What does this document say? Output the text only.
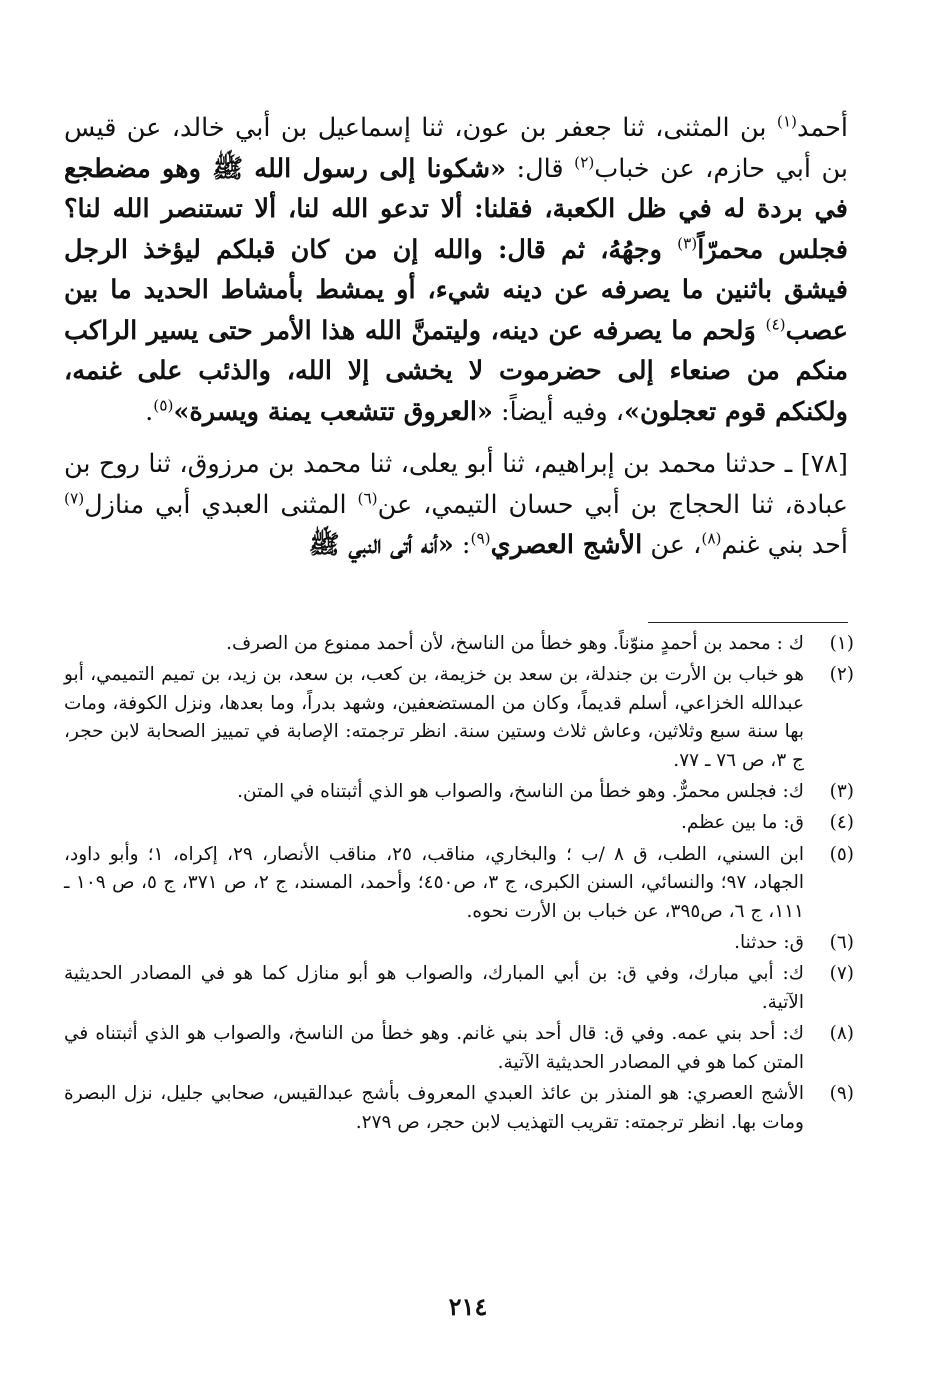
أحمد$^{(١)}$ بن المثنى، ثنا جعفر بن عون، ثنا إسماعيل بن أبي خالد، عن قيس بن أبي حازم، عن خباب$^{(٢)}$ قال: «شكونا إلى رسول الله ﷺ وهو مضطجع في بردة له في ظل الكعبة، فقلنا: ألا تدعو الله لنا، ألا تستنصر الله لنا؟ فجلس محمرّاً$^{(٣)}$ وجهُهُ، ثم قال: والله إن من كان قبلكم ليؤخذ الرجل فيشق باثنين ما يصرفه عن دينه شيء، أو يمشط بأمشاط الحديد ما بين عصب$^{(٤)}$ وَلحم ما يصرفه عن دينه، وليتمنَّ الله هذا الأمر حتى يسير الراكب منكم من صنعاء إلى حضرموت لا يخشى إلا الله، والذئب على غنمه، ولكنكم قوم تعجلون»، وفيه أيضاً: «العروق تتشعب يمنة ويسرة»$^{(٥)}$.

[٧٨] ـ حدثنا محمد بن إبراهيم، ثنا أبو يعلى، ثنا محمد بن مرزوق، ثنا روح بن عبادة، ثنا الحجاج بن أبي حسان التيمي، عن$^{(٦)}$ المثنى العبدي أبي منازل$^{(٧)}$ أحد بني غنم$^{(٨)}$، عن الأشج العصري$^{(٩)}$: «أنه أتى النبي ﷺ

(١)
ك : محمد بن أحمدٍ منوّناً. وهو خطأ من الناسخ، لأن أحمد ممنوع من الصرف.
(٢)
هو خباب بن الأرت بن جندلة، بن سعد بن خزيمة، بن كعب، بن سعد، بن زيد، بن تميم التميمي، أبو عبدالله الخزاعي، أسلم قديماً، وكان من المستضعفين، وشهد بدراً، وما بعدها، ونزل الكوفة، ومات بها سنة سبع وثلاثين، وعاش ثلاث وستين سنة. انظر ترجمته: الإصابة في تمييز الصحابة لابن حجر، ج ٣، ص ٧٦ ـ ٧٧.
(٣)
ك: فجلس محمرٌّ. وهو خطأ من الناسخ، والصواب هو الذي أثبتناه في المتن.
(٤)
ق: ما بين عظم.
(٥)
ابن السني، الطب، ق ٨ /ب ؛ والبخاري، مناقب، ٢٥، مناقب الأنصار، ٢٩، إكراه، ١؛ وأبو داود، الجهاد، ٩٧؛ والنسائي، السنن الكبرى، ج ٣، ص٤٥٠؛ وأحمد، المسند، ج ٢، ص ٣٧١، ج ٥، ص ١٠٩ ـ ١١١، ج ٦، ص٣٩٥، عن خباب بن الأرت نحوه.
(٦)
ق: حدثنا.
(٧)
ك: أبي مبارك، وفي ق: بن أبي المبارك، والصواب هو أبو منازل كما هو في المصادر الحديثية الآتية.
(٨)
ك: أحد بني عمه. وفي ق: قال أحد بني غانم. وهو خطأ من الناسخ، والصواب هو الذي أثبتناه في المتن كما هو في المصادر الحديثية الآتية.
(٩)
الأشج العصري: هو المنذر بن عائذ العبدي المعروف بأشج عبدالقيس، صحابي جليل، نزل البصرة ومات بها. انظر ترجمته: تقريب التهذيب لابن حجر، ص ٢٧٩.
٢١٤
